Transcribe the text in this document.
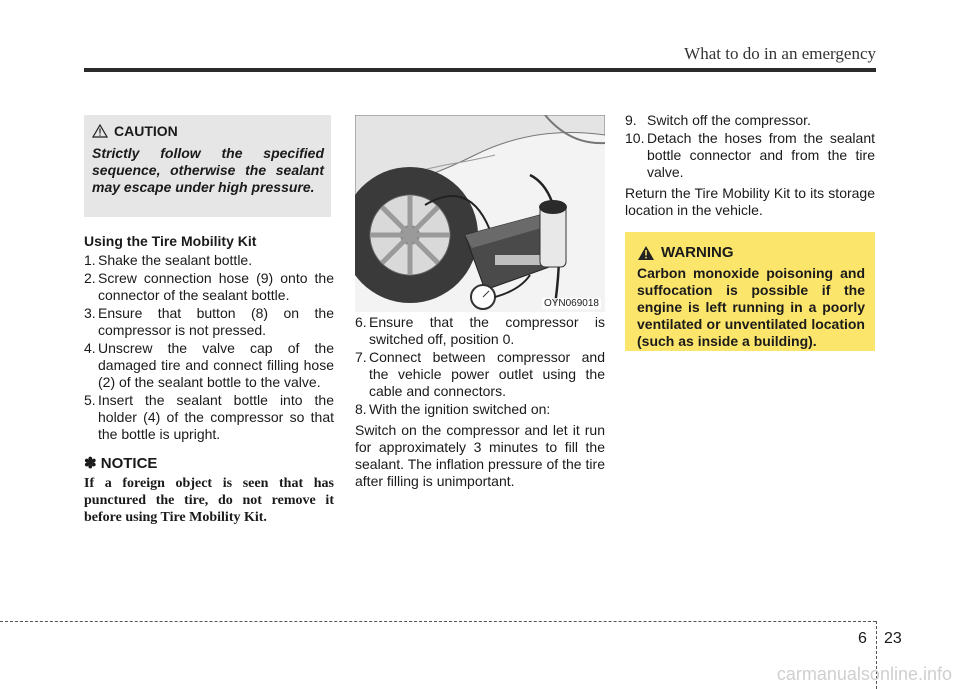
What to do in an emergency
CAUTION
Strictly follow the specified sequence, otherwise the sealant may escape under high pressure.
Using the Tire Mobility Kit
1. Shake the sealant bottle.
2. Screw connection hose (9) onto the connector of the sealant bottle.
3. Ensure that button (8) on the compressor is not pressed.
4. Unscrew the valve cap of the damaged tire and connect filling hose (2) of the sealant bottle to the valve.
5. Insert the sealant bottle into the holder (4) of the compressor so that the bottle is upright.
✽ NOTICE
If a foreign object is seen that has punctured the tire, do not remove it before using Tire Mobility Kit.
OYN069018
6. Ensure that the compressor is switched off, position 0.
7. Connect between compressor and the vehicle power outlet using the cable and connectors.
8. With the ignition switched on:
Switch on the compressor and let it run for approximately 3 minutes to fill the sealant. The inflation pressure of the tire after filling is unimportant.
9. Switch off the compressor.
10. Detach the hoses from the sealant bottle connector and from the tire valve.
Return the Tire Mobility Kit to its storage location in the vehicle.
WARNING
Carbon monoxide poisoning and suffocation is possible if the engine is left running in a poorly ventilated or unventilated location (such as inside a building).
6 23
carmanualsonline.info
